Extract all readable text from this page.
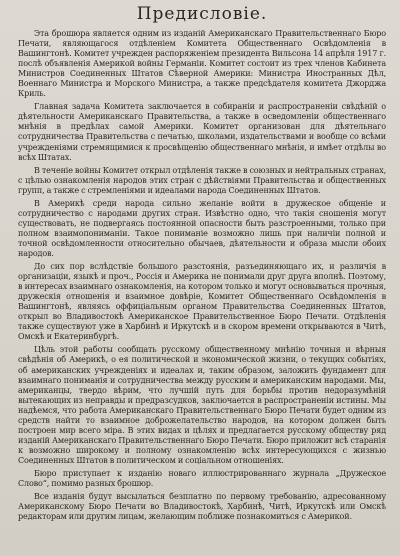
Предисловіе.

Эта брошюра является одним из изданій Американскаго Правительственнаго Бюро Печати, являющагося отдѣленіем Комитета Общественнаго Освѣдомленія в Вашингтонѣ. Комитет учрежден распоряженіем президента Вильсона 14 апрѣля 1917 г. послѣ объявленія Америкой войны Германіи. Комитет состоит из трех членов Кабинета Министров Соединенных Штатов Сѣверной Америки: Министра Иностранных Дѣл, Военнаго Министра и Морского Министра, а также предсѣдателя комитета Джорджа Криль.

Главная задача Комитета заключается в собираніи и распространеніи свѣдѣній о дѣятельности Американскаго Правительства, а также в осведомленіи общественнаго мнѣнія в предѣлах самой Америки. Комитет организован для дѣятельнаго сотрудничества Правительства с печатью, школами, издательствами и вообще со всѣми учрежденіями стремящимися к просвѣщенію общественнаго мнѣнія, и имѣет отдѣлы во всѣх Штатах.

В теченіе войны Комитет открыл отдѣленія также в союзных и нейтральных странах, с цѣлью ознакомленія народов этих стран с дѣйствіями Правительства и общественных групп, а также с стремленіями и идеалами народа Соединенных Штатов.

В Америкѣ среди народа сильно желаніе войти в дружеское общеніе и сотрудничество с народами других стран. Извѣстно одно, что такія сношенія могут существовать, не подвергаясь постоянной опасности быть разстроенными, только при полном взаимопониманіи. Такое пониманіе возможно лишь при наличіи полной и точной освѣдомленности относительно обычаев, дѣятельности и образа мысли обоих народов.

До сих пор вслѣдствіе большого разстоянія, разъединяющаго их, и различія в организаціи, языкѣ и проч., Россія и Америка не понимали друг друга вполнѣ. Поэтому, в интересах взаимнаго ознакомленія, на котором только и могут основываться прочныя, дружескія отношенія и взаимное довѣріе, Комитет Общественнаго Освѣдомленія в Вашингтонѣ, являясь оффиціальным органом Правительства Соединенных Штатов, открыл во Владивостокѣ Американское Правительственное Бюро Печати. Отдѣленія также существуют уже в Харбинѣ и Иркутскѣ и в скором времени открываются в Читѣ, Омскѣ и Екатеринбургѣ.

Цѣль этой работы сообщать русскому общественному мнѣнію точныя и вѣрныя свѣдѣнія об Америкѣ, о ея политической и экономической жизни, о текущих событіях, об американских учрежденіях и идеалах и, таким образом, заложить фундамент для взаимнаго пониманія и сотрудничества между русским и американским народами. Мы, американцы, твердо вѣрим, что лучшій путь для борьбы против недоразумѣній вытекающих из неправды и предразсудков, заключается в распространеніи истины. Мы надѣемся, что работа Американскаго Правительственнаго Бюро Печати будет одним из средств найти то взаимное доброжелательство народов, на котором должен быть построен мир всего міра. В этих видах и цѣлях и предлагается русскому обществу ряд изданій Американскаго Правительственнаго Бюро Печати. Бюро приложит всѣ старанія к возможно широкому и полному ознакомленію всѣх интересующихся с жизнью Соединенных Штатов в политическом и соціальном отношеніях.

Бюро приступает к изданію новаго иллюстрированнаго журнала „Дружеское Слово“, помимо разных брошюр.

Все изданія будут высылаться безплатно по первому требованію, адресованному Американскому Бюро Печати во Владивостокѣ, Харбинѣ, Читѣ, Иркутскѣ или Омскѣ редакторам или другим лицам, желающим поближе познакомиться с Америкой.
